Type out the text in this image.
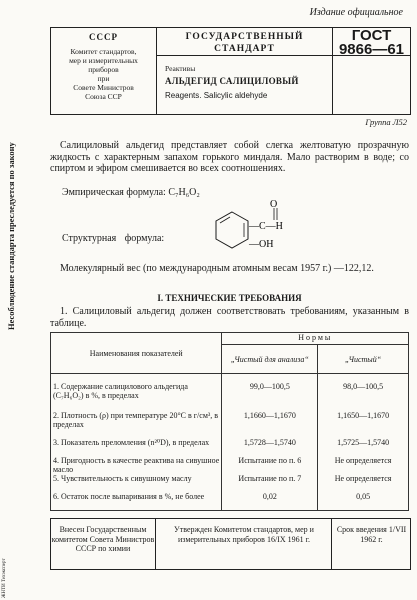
Издание официальное
СССР
Комитет стандартов,
мер и измерительных
приборов
при
Совете Министров
Союза ССР
ГОСУДАРСТВЕННЫЙ
СТАНДАРТ
Реактивы
АЛЬДЕГИД САЛИЦИЛОВЫЙ
Reagents. Salicylic aldehyde
ГОСТ
9866—61
Группа Л52
Салициловый альдегид представляет собой слегка желтоватую прозрачную жидкость с характерным запахом горького миндаля. Мало растворим в воде; со спиртом и эфиром смешивается во всех соотношениях.
Эмпирическая формула: C₇H₆O₂
Структурная формула:
O
—C—H
—OH
Молекулярный вес (по международным атомным весам 1957 г.) —122,12.
I. ТЕХНИЧЕСКИЕ ТРЕБОВАНИЯ
1. Салициловый альдегид должен соответствовать требованиям, указанным в таблице.
Наименования показателей	Нормы	
	„Чистый для анализа“	„Чистый“
1. Содержание салицилового альдегида (C₇H₆O₂) в %, в пределах	99,0—100,5	98,0—100,5
2. Плотность (ρ) при температуре 20°C в г/см³, в пределах	1,1660—1,1670	1,1650—1,1670
3. Показатель преломления (n²⁰D), в пределах	1,5728—1,5740	1,5725—1,5740
4. Пригодность в качестве реактива на сивушное масло	Испытание по п. 6	Не определяется
5. Чувствительность к сивушному маслу	Испытание по п. 7	Не определяется
6. Остаток после выпаривания в %, не более	0,02	0,05
Внесен Государственным комитетом Совета Министров СССР по химии
Утвержден Комитетом стандартов, мер и измерительных приборов 16/IX 1961 г.
Срок введения 1/VII 1962 г.
Несоблюдение стандарта преследуется по закону
ЖНТИ Техэксперт
